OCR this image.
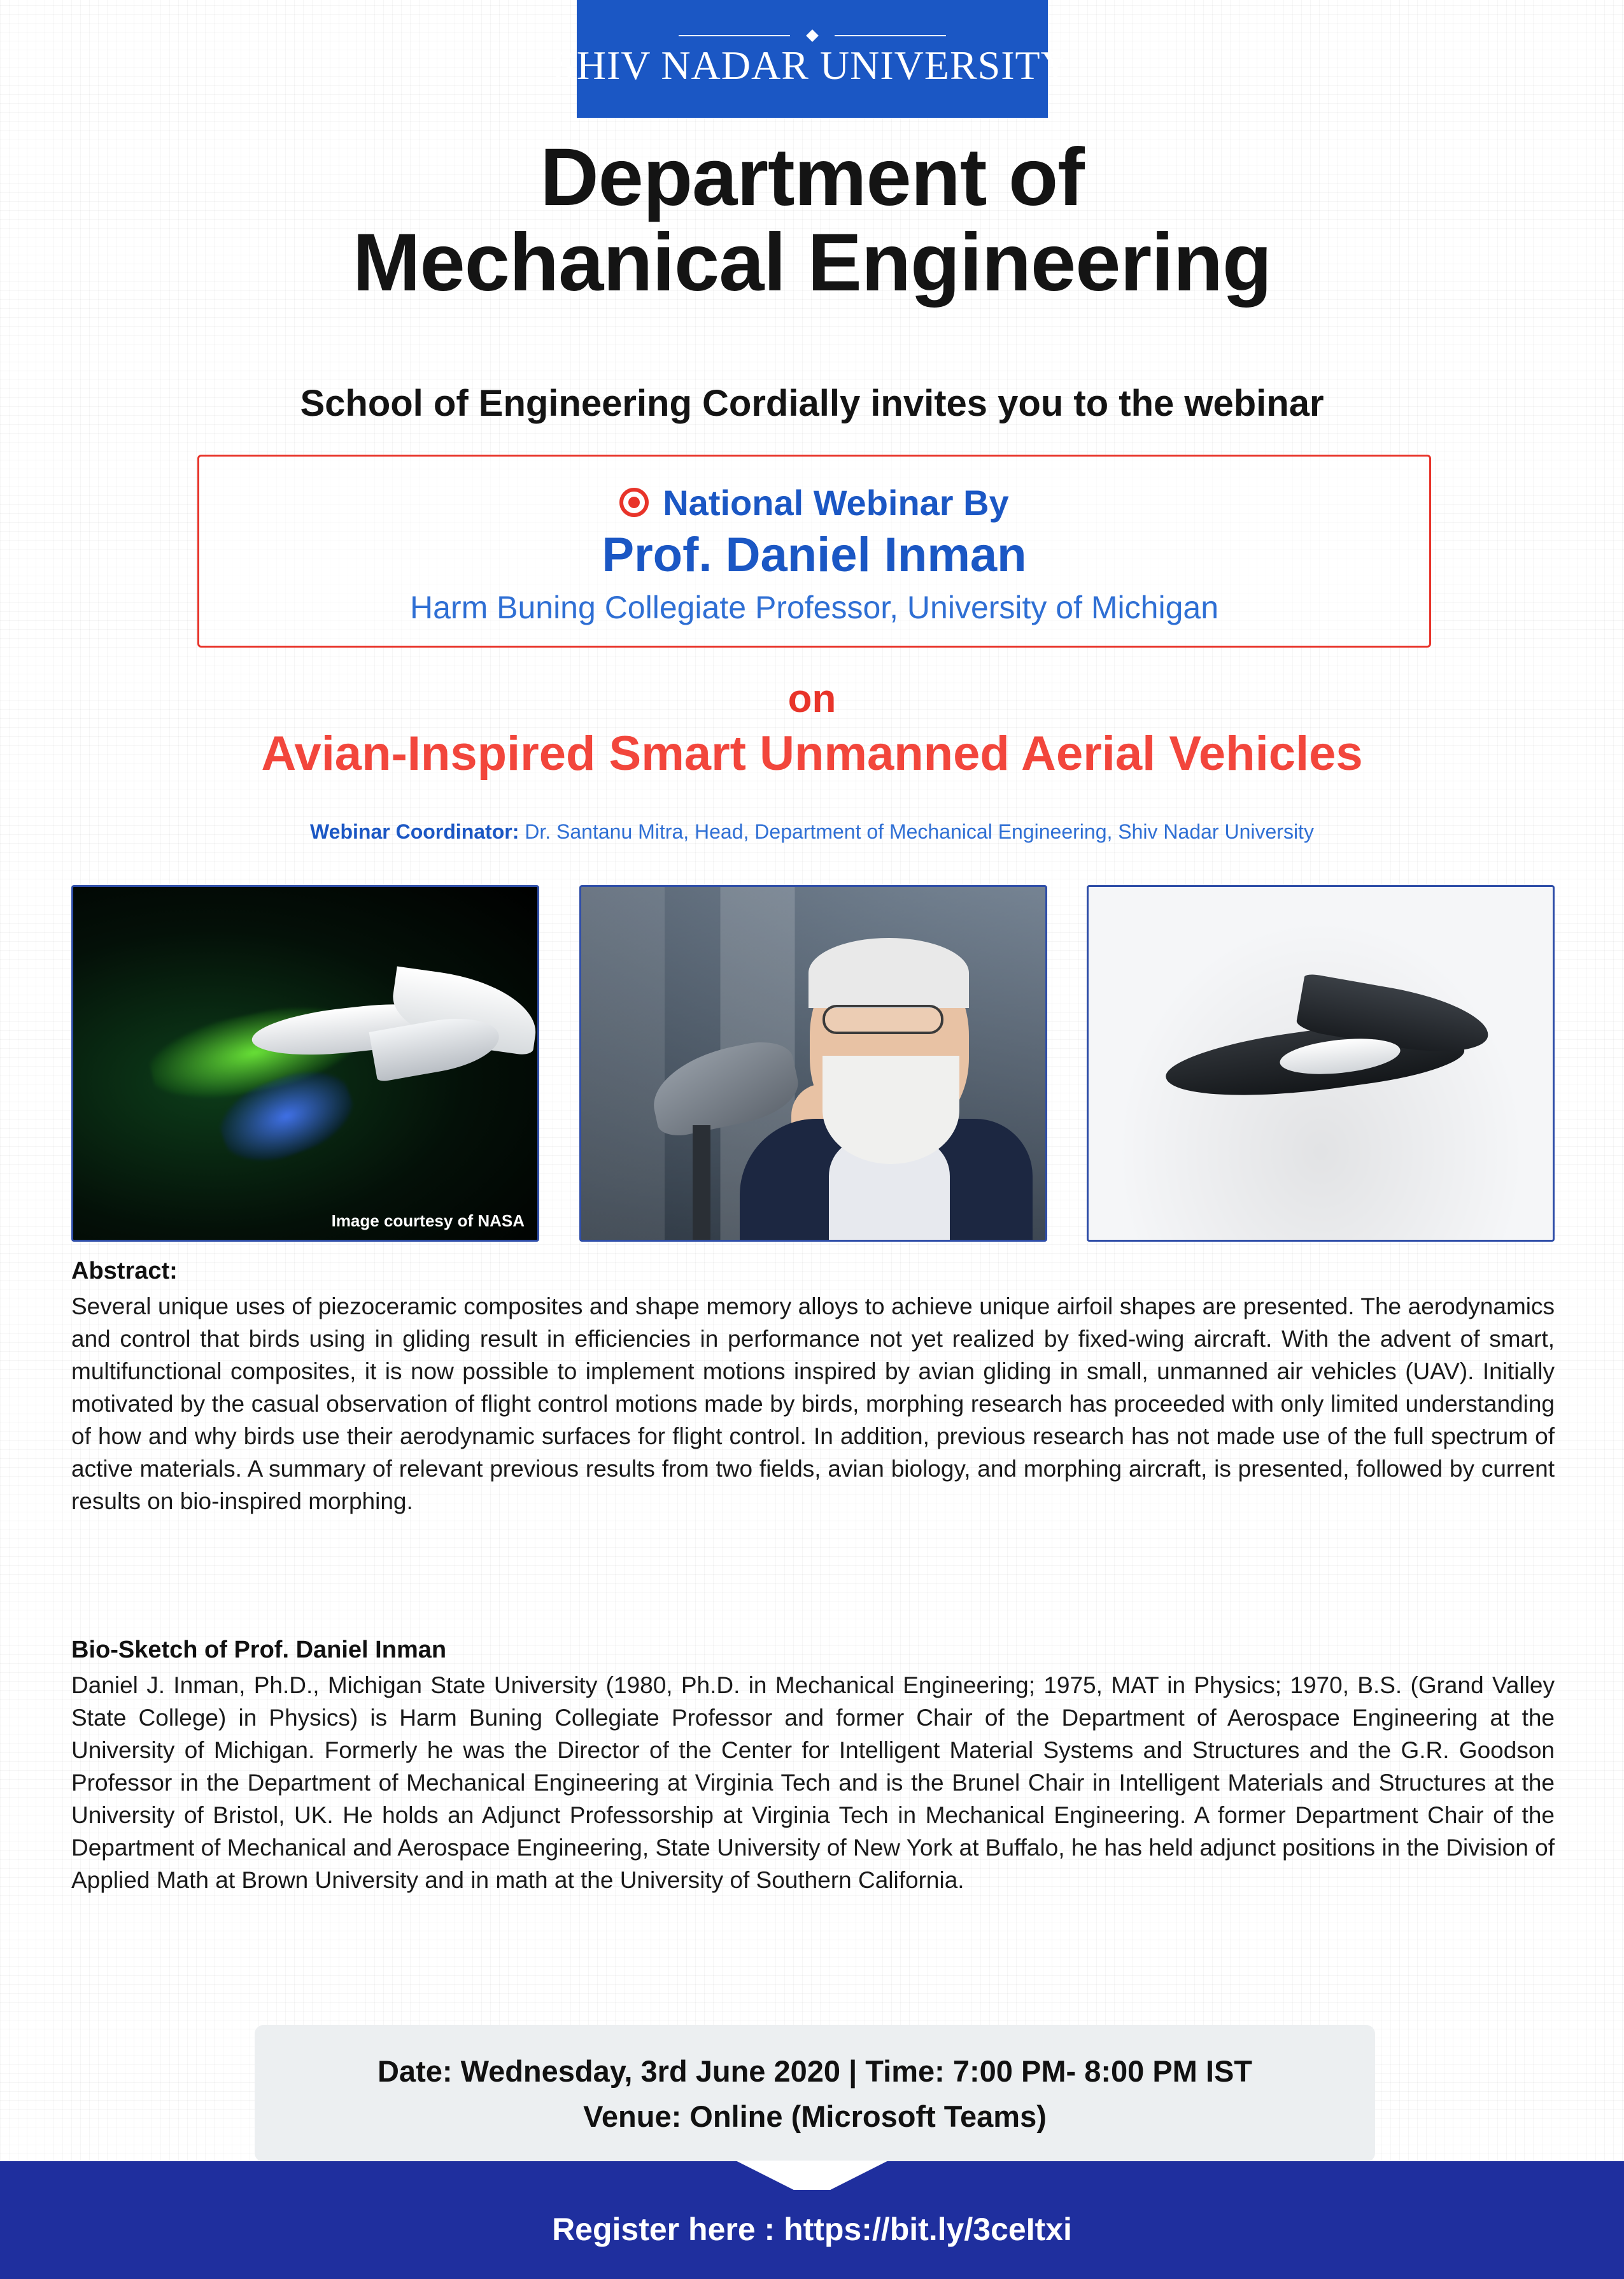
SHIV NADAR UNIVERSITY
Department of
Mechanical Engineering
School of Engineering Cordially invites you to the webinar
National Webinar By
Prof. Daniel Inman
Harm Buning Collegiate Professor, University of Michigan
on
Avian-Inspired Smart Unmanned Aerial Vehicles
Webinar Coordinator: Dr. Santanu Mitra, Head, Department of Mechanical Engineering, Shiv Nadar University
Image courtesy of NASA
Abstract:
Several unique uses of piezoceramic composites and shape memory alloys to achieve unique airfoil shapes are presented. The aerodynamics and control that birds using in gliding result in efficiencies in performance not yet realized by fixed-wing aircraft. With the advent of smart, multifunctional composites, it is now possible to implement motions inspired by avian gliding in small, unmanned air vehicles (UAV). Initially motivated by the casual observation of flight control motions made by birds, morphing research has proceeded with only limited understanding of how and why birds use their aerodynamic surfaces for flight control. In addition, previous research has not made use of the full spectrum of active materials. A summary of relevant previous results from two fields, avian biology, and morphing aircraft, is presented, followed by current results on bio-inspired morphing.
Bio-Sketch of Prof. Daniel Inman
Daniel J. Inman, Ph.D., Michigan State University (1980, Ph.D. in Mechanical Engineering; 1975, MAT in Physics; 1970, B.S. (Grand Valley State College) in Physics) is Harm Buning Collegiate Professor and former Chair of the Department of Aerospace Engineering at the University of Michigan. Formerly he was the Director of the Center for Intelligent Material Systems and Structures and the G.R. Goodson Professor in the Department of Mechanical Engineering at Virginia Tech and is the Brunel Chair in Intelligent Materials and Structures at the University of Bristol, UK. He holds an Adjunct Professorship at Virginia Tech in Mechanical Engineering. A former Department Chair of the Department of Mechanical and Aerospace Engineering, State University of New York at Buffalo, he has held adjunct positions in the Division of Applied Math at Brown University and in math at the University of Southern California.
Date: Wednesday, 3rd June 2020 | Time: 7:00 PM- 8:00 PM IST
Venue: Online (Microsoft Teams)
Register here : https://bit.ly/3ceItxi
